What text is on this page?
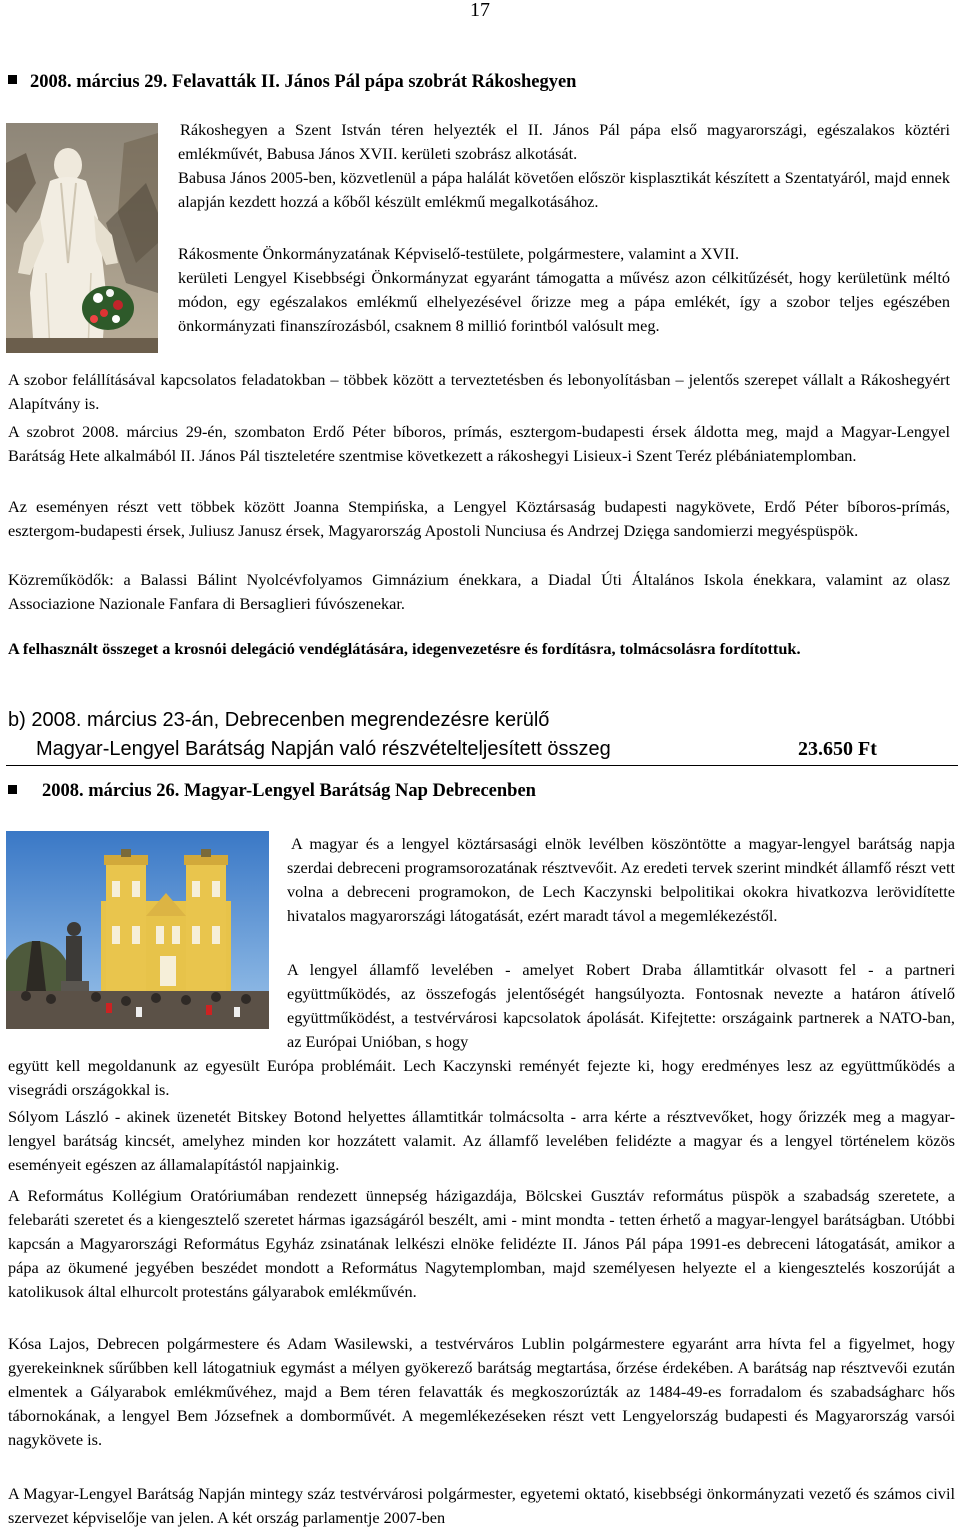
17
2008. március 29. Felavatták II. János Pál pápa szobrát Rákoshegyen

Rákoshegyen a Szent István téren helyezték el II. János Pál pápa első magyarországi, egészalakos köztéri emlékművét, Babusa János XVII. kerületi szobrász alkotását.

Babusa János 2005-ben, közvetlenül a pápa halálát követően először kisplasztikát készített a Szentatyáról, majd ennek alapján kezdett hozzá a kőből készült emlékmű megalkotásához.

Rákosmente Önkormányzatának Képviselő-testülete, polgármestere, valamint a XVII.

kerületi Lengyel Kisebbségi Önkormányzat egyaránt támogatta a művész azon célkitűzését, hogy kerületünk méltó módon, egy egészalakos emlékmű elhelyezésével őrizze meg a pápa emlékét, így a szobor teljes egészében önkormányzati finanszírozásból, csaknem 8 millió forintból valósult meg.

A szobor felállításával kapcsolatos feladatokban – többek között a terveztetésben és lebonyolításban – jelentős szerepet vállalt a Rákoshegyért Alapítvány is.

A szobrot 2008. március 29-én, szombaton Erdő Péter bíboros, prímás, esztergom-budapesti érsek áldotta meg, majd a Magyar-Lengyel Barátság Hete alkalmából II. János Pál tiszteletére szentmise következett a rákoshegyi Lisieux-i Szent Teréz plébániatemplomban.

Az eseményen részt vett többek között Joanna Stempińska, a Lengyel Köztársaság budapesti nagykövete, Erdő Péter bíboros-prímás, esztergom-budapesti érsek, Juliusz Janusz érsek, Magyarország Apostoli Nunciusa és Andrzej Dzięga sandomierzi megyéspüspök.

Közreműködők: a Balassi Bálint Nyolcévfolyamos Gimnázium énekkara, a Diadal Úti Általános Iskola énekkara, valamint az olasz Associazione Nazionale Fanfara di Bersaglieri fúvószenekar.

A felhasznált összeget a krosnói delegáció vendéglátására, idegenvezetésre és fordításra, tolmácsolásra fordítottuk.

b) 2008. március 23-án, Debrecenben megrendezésre kerülő
Magyar-Lengyel Barátság Napján való részvételteljesített összeg	23.650 Ft
2008. március 26. Magyar-Lengyel Barátság Nap Debrecenben

A magyar és a lengyel köztársasági elnök levélben köszöntötte a magyar-lengyel barátság napja szerdai debreceni programsorozatának résztvevőit. Az eredeti tervek szerint mindkét államfő részt vett volna a debreceni programokon, de Lech Kaczynski belpolitikai okokra hivatkozva lerövidítette hivatalos magyarországi látogatását, ezért maradt távol a megemlékezéstől.

A lengyel államfő levelében - amelyet Robert Draba államtitkár olvasott fel - a partneri együttműködés, az összefogás jelentőségét hangsúlyozta. Fontosnak nevezte a határon átívelő együttműködést, a testvérvárosi kapcsolatok ápolását. Kifejtette: országaink partnerek a NATO-ban, az Európai Unióban, s hogy

együtt kell megoldanunk az egyesült Európa problémáit. Lech Kaczynski reményét fejezte ki, hogy eredményes lesz az együttműködés a visegrádi országokkal is.

Sólyom László - akinek üzenetét Bitskey Botond helyettes államtitkár tolmácsolta - arra kérte a résztvevőket, hogy őrizzék meg a magyar-lengyel barátság kincsét, amelyhez minden kor hozzátett valamit. Az államfő levelében felidézte a magyar és a lengyel történelem közös eseményeit egészen az államalapítástól napjainkig.

A Református Kollégium Oratóriumában rendezett ünnepség házigazdája, Bölcskei Gusztáv református püspök a szabadság szeretete, a felebaráti szeretet és a kiengesztelő szeretet hármas igazságáról beszélt, ami - mint mondta - tetten érhető a magyar-lengyel barátságban. Utóbbi kapcsán a Magyarországi Református Egyház zsinatának lelkészi elnöke felidézte II. János Pál pápa 1991-es debreceni látogatását, amikor a pápa az ökumené jegyében beszédet mondott a Református Nagytemplomban, majd személyesen helyezte el a kiengesztelés koszorúját a katolikusok által elhurcolt protestáns gályarabok emlékművén.

Kósa Lajos, Debrecen polgármestere és Adam Wasilewski, a testvérváros Lublin polgármestere egyaránt arra hívta fel a figyelmet, hogy gyerekeinknek sűrűbben kell látogatniuk egymást a mélyen gyökerező barátság megtartása, őrzése érdekében. A barátság nap résztvevői ezután elmentek a Gályarabok emlékművéhez, majd a Bem téren felavatták és megkoszorúzták az 1484-49-es forradalom és szabadságharc hős tábornokának, a lengyel Bem Józsefnek a domborművét. A megemlékezéseken részt vett Lengyelország budapesti és Magyarország varsói nagykövete is.

A Magyar-Lengyel Barátság Napján mintegy száz testvérvárosi polgármester, egyetemi oktató, kisebbségi önkormányzati vezető és számos civil szervezet képviselője van jelen. A két ország parlamentje 2007-ben
